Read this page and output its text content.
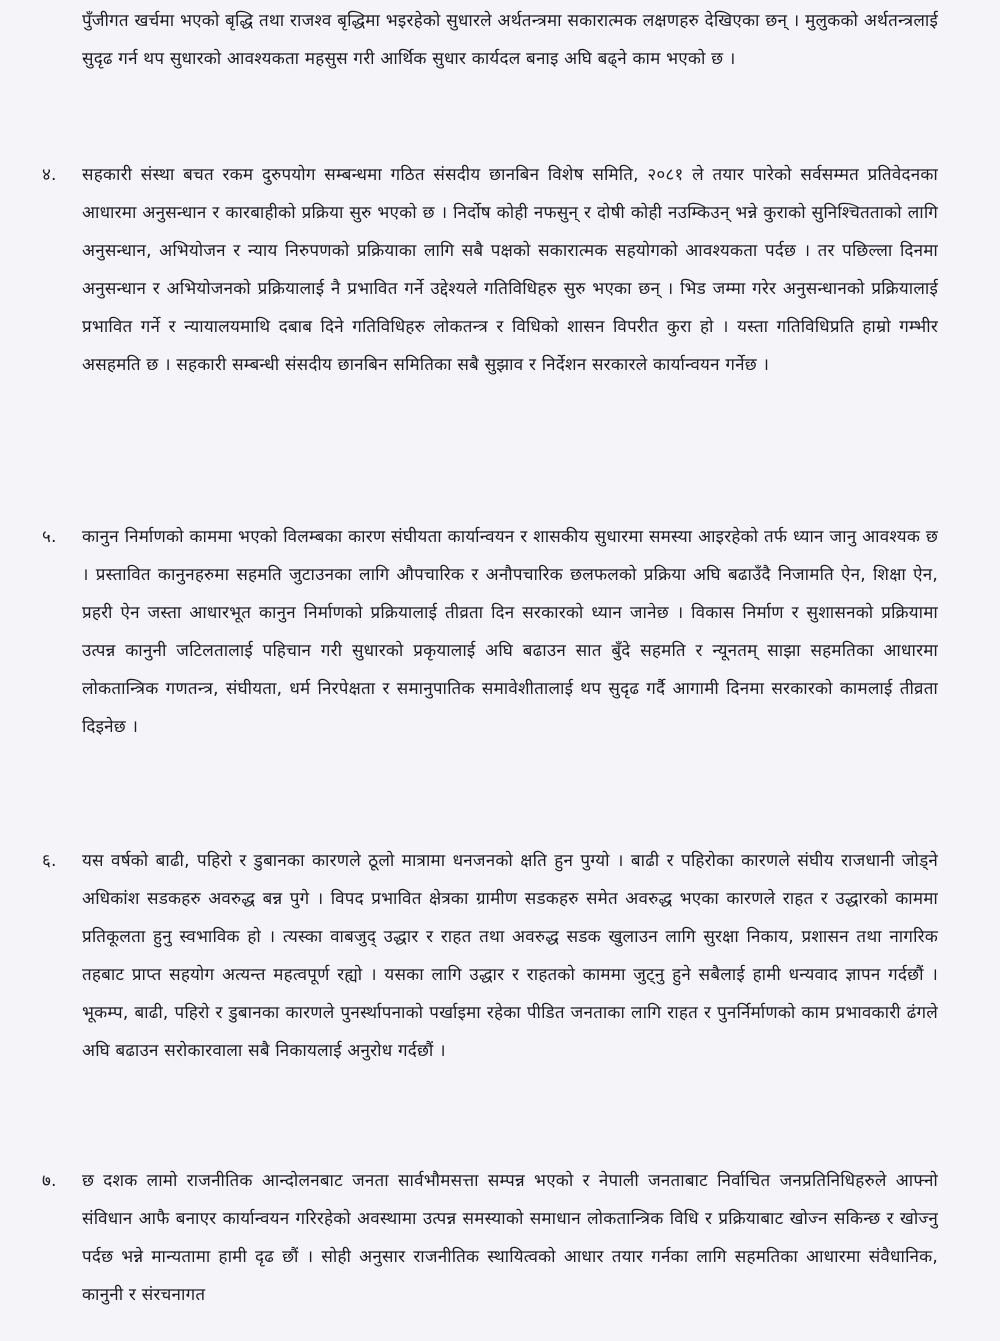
पुँजीगत खर्चमा भएको बृद्धि तथा राजश्व बृद्धिमा भइरहेको सुधारले अर्थतन्त्रमा सकारात्मक लक्षणहरु देखिएका छन् । मुलुकको अर्थतन्त्रलाई सुदृढ गर्न थप सुधारको आवश्यकता महसुस गरी आर्थिक सुधार कार्यदल बनाइ अघि बढ्ने काम भएको छ ।
४. सहकारी संस्था बचत रकम दुरुपयोग सम्बन्धमा गठित संसदीय छानबिन विशेष समिति, २०८१ ले तयार पारेको सर्वसम्मत प्रतिवेदनका आधारमा अनुसन्धान र कारबाहीको प्रक्रिया सुरु भएको छ । निर्दोष कोही नफसुन् र दोषी कोही नउम्किउन् भन्ने कुराको सुनिश्चितताको लागि अनुसन्धान, अभियोजन र न्याय निरुपणको प्रक्रियाका लागि सबै पक्षको सकारात्मक सहयोगको आवश्यकता पर्दछ । तर पछिल्ला दिनमा अनुसन्धान र अभियोजनको प्रक्रियालाई नै प्रभावित गर्ने उद्देश्यले गतिविधिहरु सुरु भएका छन् । भिड जम्मा गरेर अनुसन्धानको प्रक्रियालाई प्रभावित गर्ने र न्यायालयमाथि दबाब दिने गतिविधिहरु लोकतन्त्र र विधिको शासन विपरीत कुरा हो । यस्ता गतिविधिप्रति हाम्रो गम्भीर असहमति छ । सहकारी सम्बन्धी संसदीय छानबिन समितिका सबै सुझाव र निर्देशन सरकारले कार्यान्वयन गर्नेछ ।
५. कानुन निर्माणको काममा भएको विलम्बका कारण संघीयता कार्यान्वयन र शासकीय सुधारमा समस्या आइरहेको तर्फ ध्यान जानु आवश्यक छ । प्रस्तावित कानुनहरुमा सहमति जुटाउनका लागि औपचारिक र अनौपचारिक छलफलको प्रक्रिया अघि बढाउँदै निजामति ऐन, शिक्षा ऐन, प्रहरी ऐन जस्ता आधारभूत कानुन निर्माणको प्रक्रियालाई तीव्रता दिन सरकारको ध्यान जानेछ । विकास निर्माण र सुशासनको प्रक्रियामा उत्पन्न कानुनी जटिलतालाई पहिचान गरी सुधारको प्रकृयालाई अघि बढाउन सात बुँदे सहमति र न्यूनतम् साझा सहमतिका आधारमा लोकतान्त्रिक गणतन्त्र, संघीयता, धर्म निरपेक्षता र समानुपातिक समावेशीतालाई थप सुदृढ गर्दै आगामी दिनमा सरकारको कामलाई तीव्रता दिइनेछ ।
६. यस वर्षको बाढी, पहिरो र डुबानका कारणले ठूलो मात्रामा धनजनको क्षति हुन पुग्यो । बाढी र पहिरोका कारणले संघीय राजधानी जोड्ने अधिकांश सडकहरु अवरुद्ध बन्न पुगे । विपद प्रभावित क्षेत्रका ग्रामीण सडकहरु समेत अवरुद्ध भएका कारणले राहत र उद्धारको काममा प्रतिकूलता हुनु स्वभाविक हो । त्यस्का वाबजुद् उद्धार र राहत तथा अवरुद्ध सडक खुलाउन लागि सुरक्षा निकाय, प्रशासन तथा नागरिक तहबाट प्राप्त सहयोग अत्यन्त महत्वपूर्ण रह्यो । यसका लागि उद्धार र राहतको काममा जुट्नु हुने सबैलाई हामी धन्यवाद ज्ञापन गर्दछौं । भूकम्प, बाढी, पहिरो र डुबानका कारणले पुनर्स्थापनाको पर्खाइमा रहेका पीडित जनताका लागि राहत र पुनर्निर्माणको काम प्रभावकारी ढंगले अघि बढाउन सरोकारवाला सबै निकायलाई अनुरोध गर्दछौं ।
७. छ दशक लामो राजनीतिक आन्दोलनबाट जनता सार्वभौमसत्ता सम्पन्न भएको र नेपाली जनताबाट निर्वाचित जनप्रतिनिधिहरुले आफ्नो संविधान आफै बनाएर कार्यान्वयन गरिरहेको अवस्थामा उत्पन्न समस्याको समाधान लोकतान्त्रिक विधि र प्रक्रियाबाट खोज्न सकिन्छ र खोज्नु पर्दछ भन्ने मान्यतामा हामी दृढ छौं । सोही अनुसार राजनीतिक स्थायित्वको आधार तयार गर्नका लागि सहमतिका आधारमा संवैधानिक, कानुनी र संरचनागत
